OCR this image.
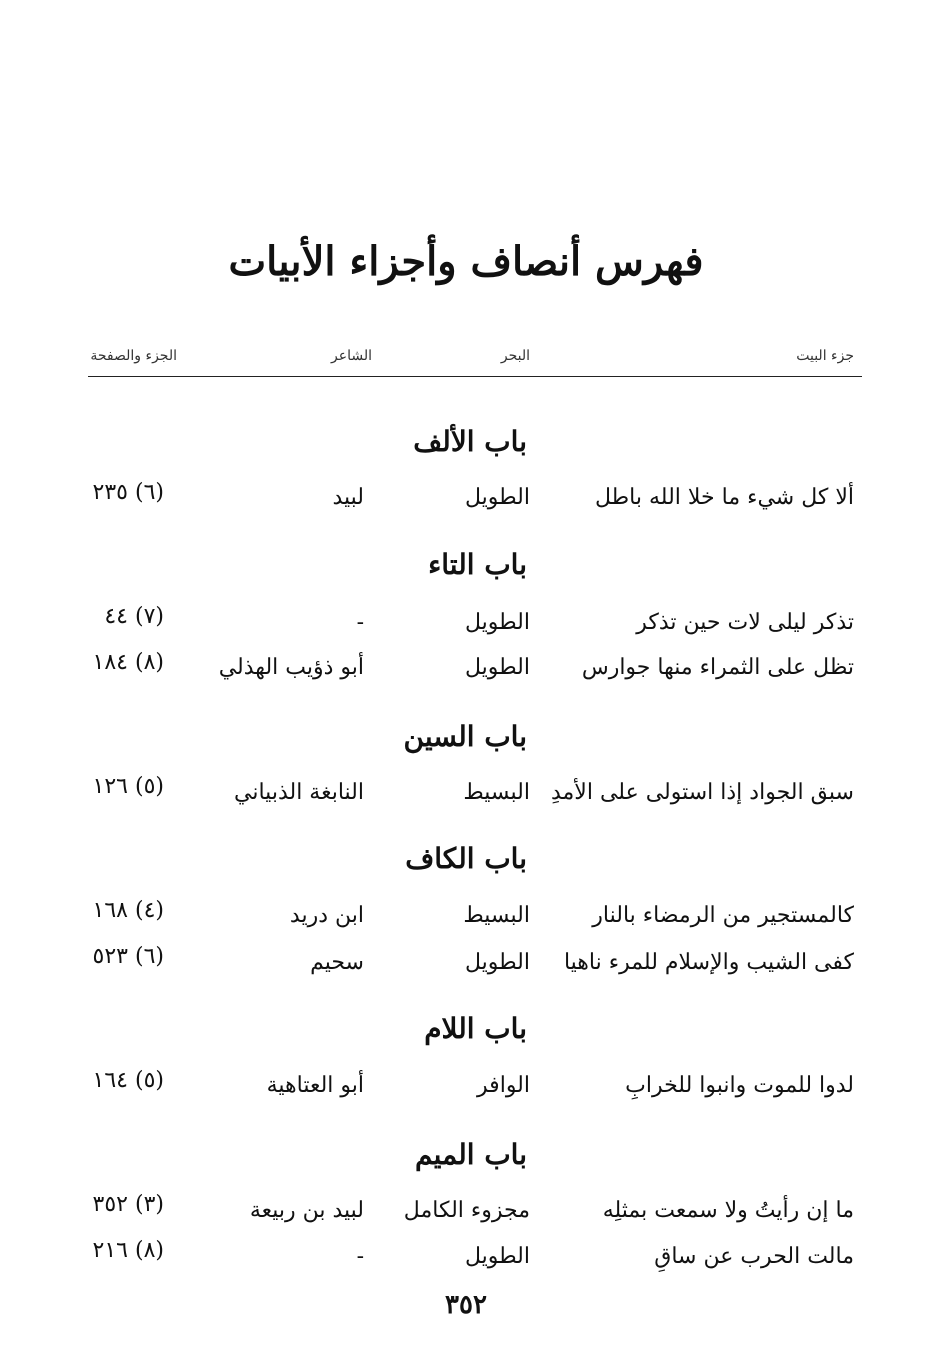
فهرس أنصاف وأجزاء الأبيات
جزء البيت
البحر
الشاعر
الجزء والصفحة
باب الألف
ألا كل شيء ما خلا الله باطل
الطويل
لبيد
(٦) ٢٣٥
باب التاء
تذكر ليلى لات حين تذكر
الطويل
-
(٧) ٤٤
تظل على الثمراء منها جوارس
الطويل
أبو ذؤيب الهذلي
(٨) ١٨٤
باب السين
سبق الجواد إذا استولى على الأمدِ
البسيط
النابغة الذبياني
(٥) ١٢٦
باب الكاف
كالمستجير من الرمضاء بالنار
البسيط
ابن دريد
(٤) ١٦٨
كفى الشيب والإسلام للمرء ناهيا
الطويل
سحيم
(٦) ٥٢٣
باب اللام
لدوا للموت وانبوا للخرابِ
الوافر
أبو العتاهية
(٥) ١٦٤
باب الميم
ما إن رأيتُ ولا سمعت بمثلِه
مجزوء الكامل
لبيد بن ربيعة
(٣) ٣٥٢
مالت الحرب عن ساقِ
الطويل
-
(٨) ٢١٦
٣٥٢
